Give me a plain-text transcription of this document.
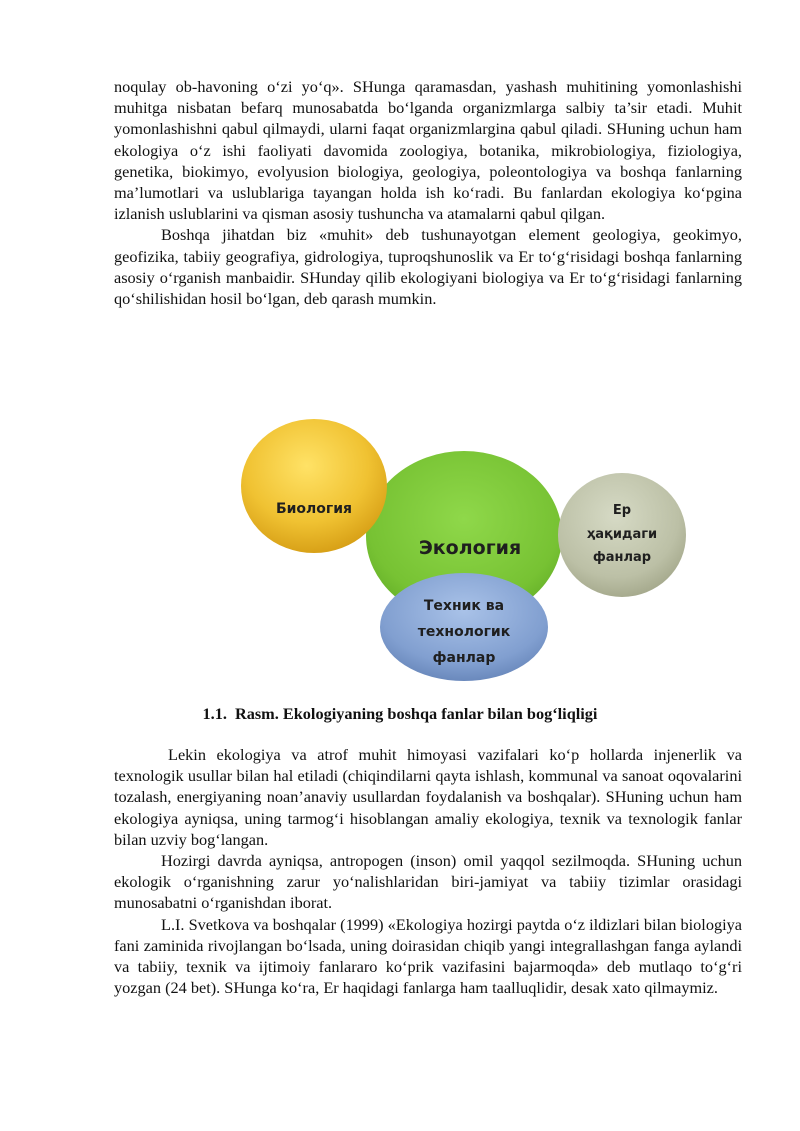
noqulay ob-havoning o‘zi yo‘q». SHunga qaramasdan, yashash muhitining yomonlashishi muhitga nisbatan befarq munosabatda bo‘lganda organizmlarga salbiy ta’sir etadi. Muhit yomonlashishni qabul qilmaydi, ularni faqat organizmlargina qabul qiladi. SHuning uchun ham ekologiya o‘z ishi faoliyati davomida zoologiya, botanika, mikrobiologiya, fiziologiya, genetika, biokimyo, evolyusion biologiya, geologiya, poleontologiya va boshqa fanlarning ma’lumotlari va uslublariga tayangan holda ish ko‘radi. Bu fanlardan ekologiya ko‘pgina izlanish uslublarini va qisman asosiy tushuncha va atamalarni qabul qilgan.

Boshqa jihatdan biz «muhit» deb tushunayotgan element geologiya, geokimyo, geofizika, tabiiy geografiya, gidrologiya, tuproqshunoslik va Er to‘g‘risidagi boshqa fanlarning asosiy o‘rganish manbaidir. SHunday qilib ekologiyani biologiya va Er to‘g‘risidagi fanlarning qo‘shilishidan hosil bo‘lgan, deb qarash mumkin.

Биология
Экология
Ер
ҳақидаги
фанлар
Техник ва
технологик
фанлар
1.1. Rasm. Ekologiyaning boshqa fanlar bilan bog‘liqligi

Lekin ekologiya va atrof muhit himoyasi vazifalari ko‘p hollarda injenerlik va texnologik usullar bilan hal etiladi (chiqindilarni qayta ishlash, kommunal va sanoat oqovalarini tozalash, energiyaning noan’anaviy usullardan foydalanish va boshqalar). SHuning uchun ham ekologiya ayniqsa, uning tarmog‘i hisoblangan amaliy ekologiya, texnik va texnologik fanlar bilan uzviy bog‘langan.

Hozirgi davrda ayniqsa, antropogen (inson) omil yaqqol sezilmoqda. SHuning uchun ekologik o‘rganishning zarur yo‘nalishlaridan biri-jamiyat va tabiiy tizimlar orasidagi munosabatni o‘rganishdan iborat.

L.I. Svetkova va boshqalar (1999) «Ekologiya hozirgi paytda o‘z ildizlari bilan biologiya fani zaminida rivojlangan bo‘lsada, uning doirasidan chiqib yangi integrallashgan fanga aylandi va tabiiy, texnik va ijtimoiy fanlararo ko‘prik vazifasini bajarmoqda» deb mutlaqo to‘g‘ri yozgan (24 bet). SHunga ko‘ra, Er haqidagi fanlarga ham taalluqlidir, desak xato qilmaymiz.
